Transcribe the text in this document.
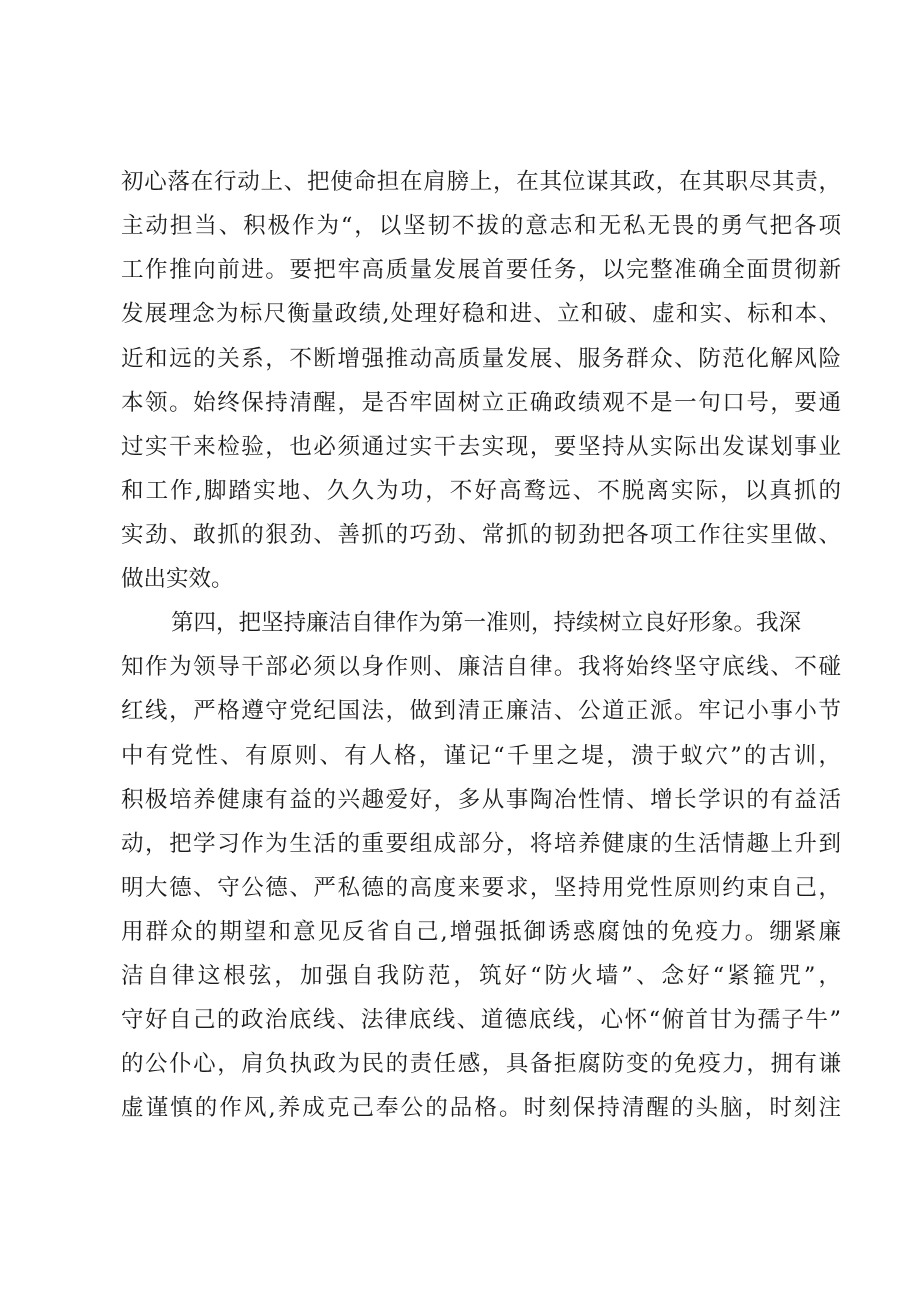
初心落在行动上、把使命担在肩膀上，在其位谋其政，在其职尽其责，
主动担当、积极作为“，以坚韧不拔的意志和无私无畏的勇气把各项
工作推向前进。要把牢高质量发展首要任务，以完整准确全面贯彻新
发展理念为标尺衡量政绩,处理好稳和进、立和破、虚和实、标和本、
近和远的关系，不断增强推动高质量发展、服务群众、防范化解风险
本领。始终保持清醒，是否牢固树立正确政绩观不是一句口号，要通
过实干来检验，也必须通过实干去实现，要坚持从实际出发谋划事业
和工作,脚踏实地、久久为功，不好高鹜远、不脱离实际，以真抓的
实劲、敢抓的狠劲、善抓的巧劲、常抓的韧劲把各项工作往实里做、
做出实效。
第四，把坚持廉洁自律作为第一准则，持续树立良好形象。我深
知作为领导干部必须以身作则、廉洁自律。我将始终坚守底线、不碰
红线，严格遵守党纪国法，做到清正廉洁、公道正派。牢记小事小节
中有党性、有原则、有人格，谨记“千里之堤，溃于蚁穴”的古训，
积极培养健康有益的兴趣爱好，多从事陶冶性情、增长学识的有益活
动，把学习作为生活的重要组成部分，将培养健康的生活情趣上升到
明大德、守公德、严私德的高度来要求，坚持用党性原则约束自己，
用群众的期望和意见反省自己,增强抵御诱惑腐蚀的免疫力。绷紧廉
洁自律这根弦，加强自我防范，筑好“防火墙”、念好“紧箍咒”，
守好自己的政治底线、法律底线、道德底线，心怀“俯首甘为孺子牛”
的公仆心，肩负执政为民的责任感，具备拒腐防变的免疫力，拥有谦
虚谨慎的作风,养成克己奉公的品格。时刻保持清醒的头脑，时刻注
